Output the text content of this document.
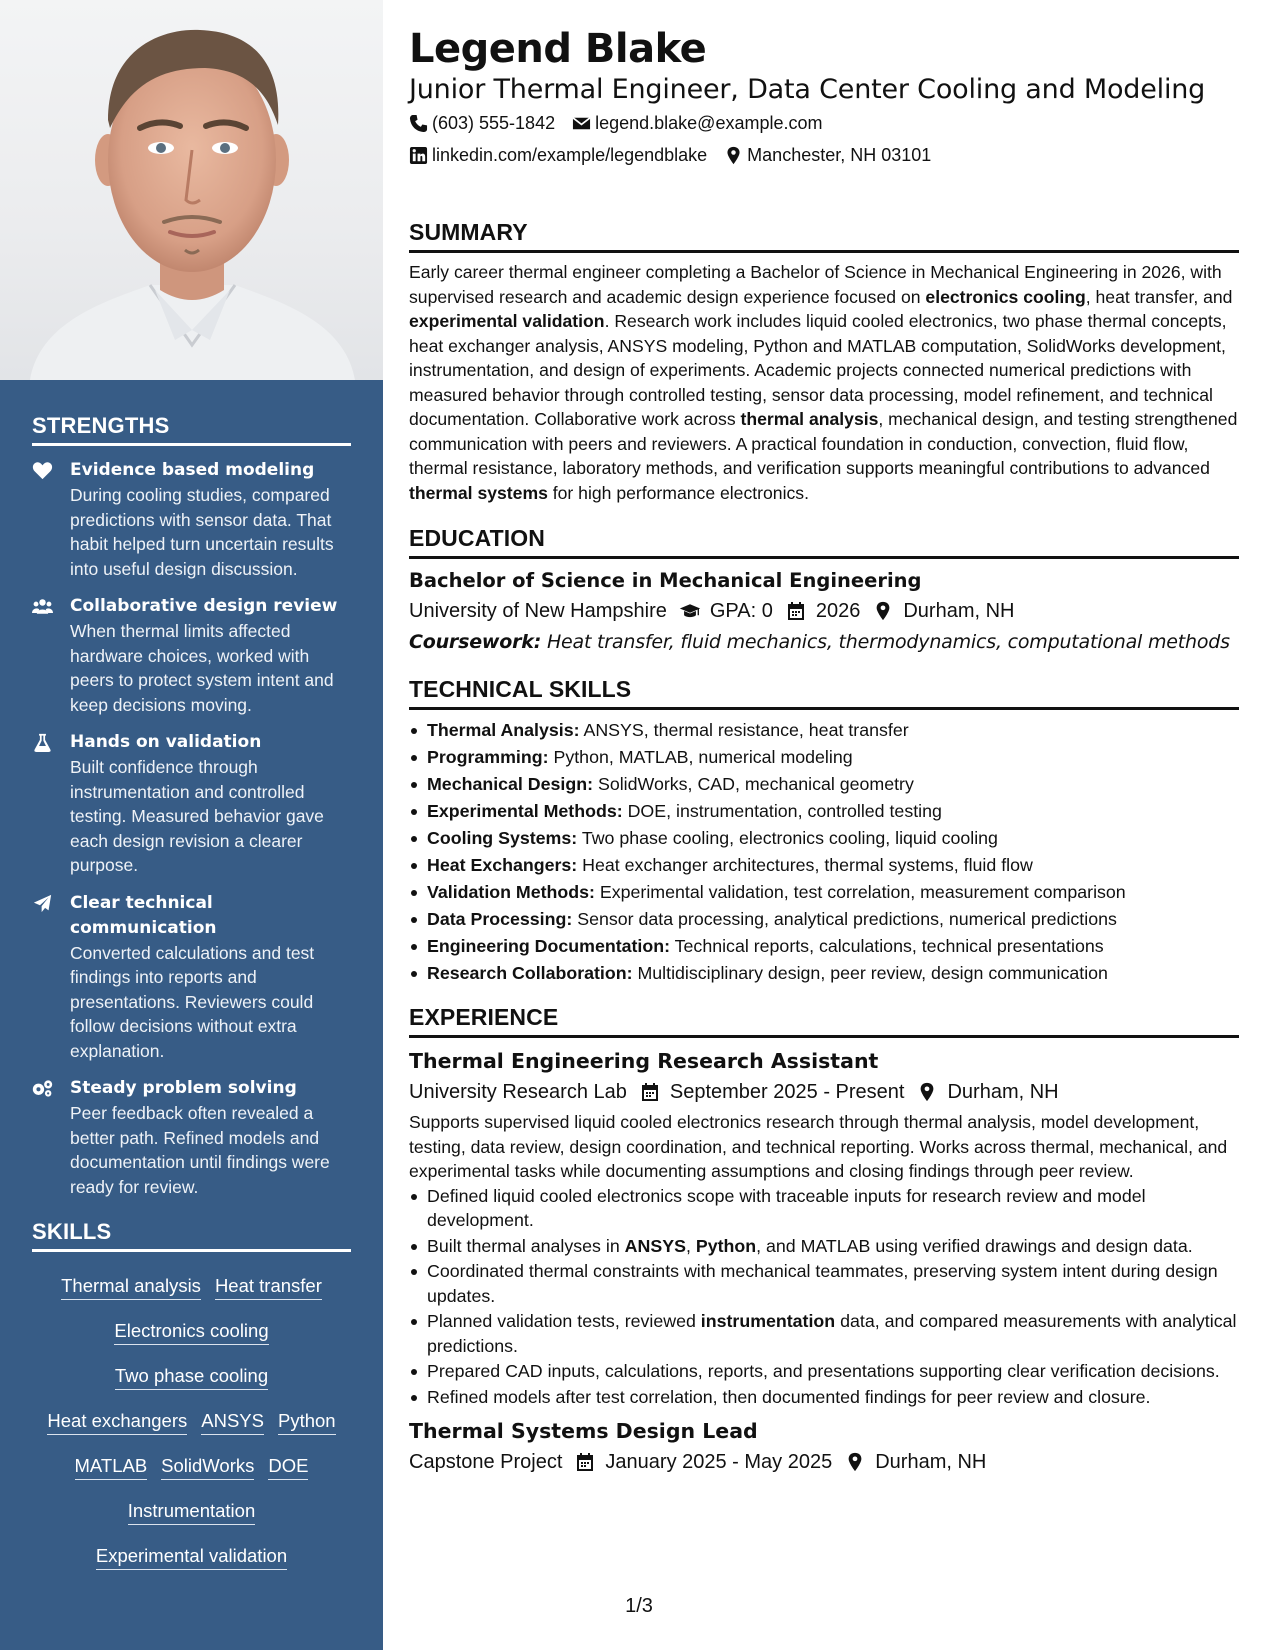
STRENGTHS
Evidence based modeling
During cooling studies, compared predictions with sensor data. That habit helped turn uncertain results into useful design discussion.
Collaborative design review
When thermal limits affected hardware choices, worked with peers to protect system intent and keep decisions moving.
Hands on validation
Built confidence through instrumentation and controlled testing. Measured behavior gave each design revision a clearer purpose.
Clear technical communication
Converted calculations and test findings into reports and presentations. Reviewers could follow decisions without extra explanation.
Steady problem solving
Peer feedback often revealed a better path. Refined models and documentation until findings were ready for review.
SKILLS
Thermal analysis Heat transfer
Electronics cooling
Two phase cooling
Heat exchangers ANSYS Python
MATLAB SolidWorks DOE
Instrumentation
Experimental validation
Legend Blake
Junior Thermal Engineer, Data Center Cooling and Modeling
(603) 555-1842 legend.blake@example.com
linkedin.com/example/legendblake Manchester, NH 03101
SUMMARY
Early career thermal engineer completing a Bachelor of Science in Mechanical Engineering in 2026, with supervised research and academic design experience focused on electronics cooling, heat transfer, and experimental validation. Research work includes liquid cooled electronics, two phase thermal concepts, heat exchanger analysis, ANSYS modeling, Python and MATLAB computation, SolidWorks development, instrumentation, and design of experiments. Academic projects connected numerical predictions with measured behavior through controlled testing, sensor data processing, model refinement, and technical documentation. Collaborative work across thermal analysis, mechanical design, and testing strengthened communication with peers and reviewers. A practical foundation in conduction, convection, fluid flow, thermal resistance, laboratory methods, and verification supports meaningful contributions to advanced thermal systems for high performance electronics.
EDUCATION
Bachelor of Science in Mechanical Engineering
University of New Hampshire GPA: 0 2026 Durham, NH
Coursework: Heat transfer, fluid mechanics, thermodynamics, computational methods
TECHNICAL SKILLS
Thermal Analysis: ANSYS, thermal resistance, heat transfer
Programming: Python, MATLAB, numerical modeling
Mechanical Design: SolidWorks, CAD, mechanical geometry
Experimental Methods: DOE, instrumentation, controlled testing
Cooling Systems: Two phase cooling, electronics cooling, liquid cooling
Heat Exchangers: Heat exchanger architectures, thermal systems, fluid flow
Validation Methods: Experimental validation, test correlation, measurement comparison
Data Processing: Sensor data processing, analytical predictions, numerical predictions
Engineering Documentation: Technical reports, calculations, technical presentations
Research Collaboration: Multidisciplinary design, peer review, design communication
EXPERIENCE
Thermal Engineering Research Assistant
University Research Lab September 2025 - Present Durham, NH
Supports supervised liquid cooled electronics research through thermal analysis, model development, testing, data review, design coordination, and technical reporting. Works across thermal, mechanical, and experimental tasks while documenting assumptions and closing findings through peer review.
Defined liquid cooled electronics scope with traceable inputs for research review and model development.
Built thermal analyses in ANSYS, Python, and MATLAB using verified drawings and design data.
Coordinated thermal constraints with mechanical teammates, preserving system intent during design updates.
Planned validation tests, reviewed instrumentation data, and compared measurements with analytical predictions.
Prepared CAD inputs, calculations, reports, and presentations supporting clear verification decisions.
Refined models after test correlation, then documented findings for peer review and closure.
Thermal Systems Design Lead
Capstone Project January 2025 - May 2025 Durham, NH
1/3
